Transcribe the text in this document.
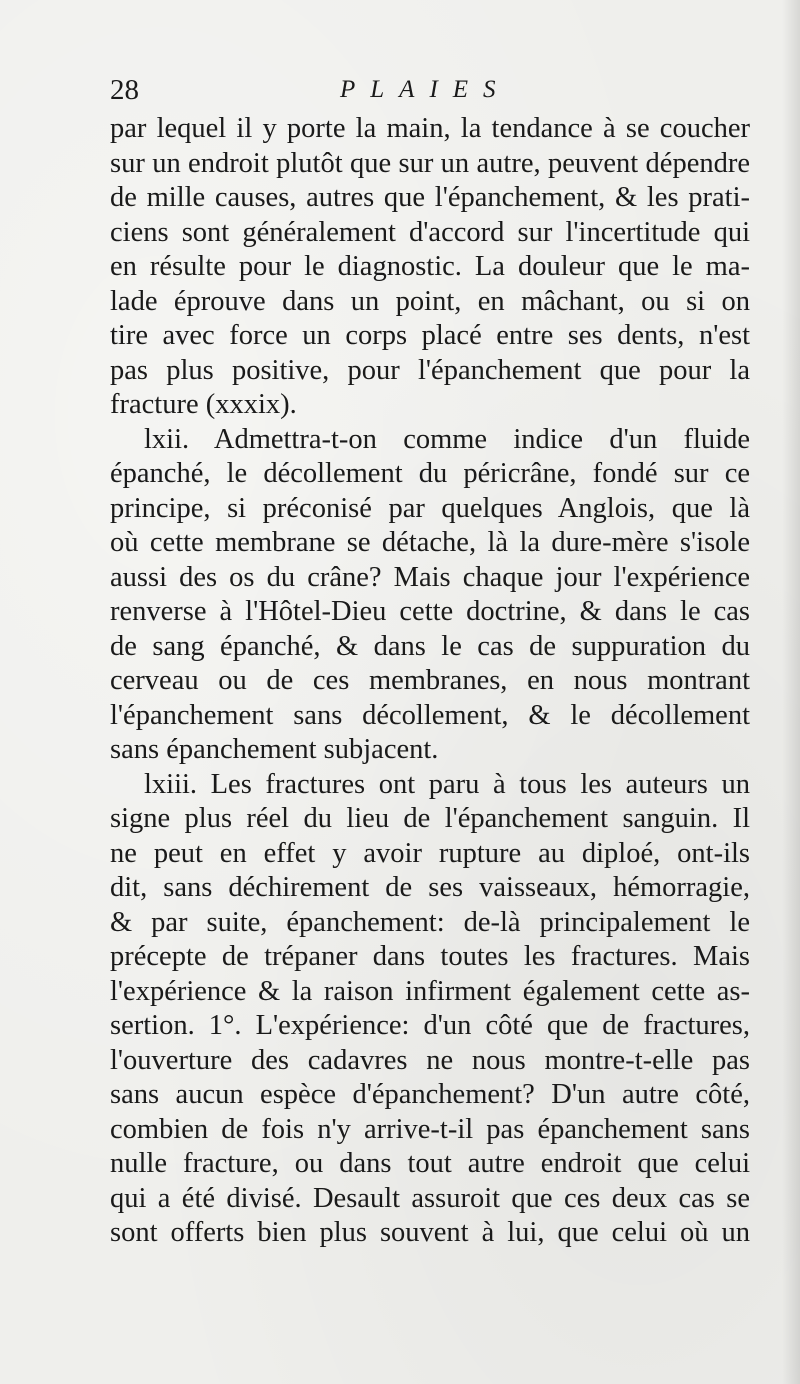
28	PLAIES
par lequel il y porte la main, la tendance à se coucher
sur un endroit plutôt que sur un autre, peuvent dépendre
de mille causes, autres que l'épanchement, & les prati-
ciens sont généralement d'accord sur l'incertitude qui
en résulte pour le diagnostic. La douleur que le ma-
lade éprouve dans un point, en mâchant, ou si on
tire avec force un corps placé entre ses dents, n'est
pas plus positive, pour l'épanchement que pour la
fracture (xxxix).
lxii. Admettra-t-on comme indice d'un fluide
épanché, le décollement du péricrâne, fondé sur ce
principe, si préconisé par quelques Anglois, que là
où cette membrane se détache, là la dure-mère s'isole
aussi des os du crâne? Mais chaque jour l'expérience
renverse à l'Hôtel-Dieu cette doctrine, & dans le cas
de sang épanché, & dans le cas de suppuration du
cerveau ou de ces membranes, en nous montrant
l'épanchement sans décollement, & le décollement
sans épanchement subjacent.
lxiii. Les fractures ont paru à tous les auteurs un
signe plus réel du lieu de l'épanchement sanguin. Il
ne peut en effet y avoir rupture au diploé, ont-ils
dit, sans déchirement de ses vaisseaux, hémorragie,
& par suite, épanchement: de-là principalement le
précepte de trépaner dans toutes les fractures. Mais
l'expérience & la raison infirment également cette as-
sertion. 1°. L'expérience: d'un côté que de fractures,
l'ouverture des cadavres ne nous montre-t-elle pas
sans aucun espèce d'épanchement? D'un autre côté,
combien de fois n'y arrive-t-il pas épanchement sans
nulle fracture, ou dans tout autre endroit que celui
qui a été divisé. Desault assuroit que ces deux cas se
sont offerts bien plus souvent à lui, que celui où un
